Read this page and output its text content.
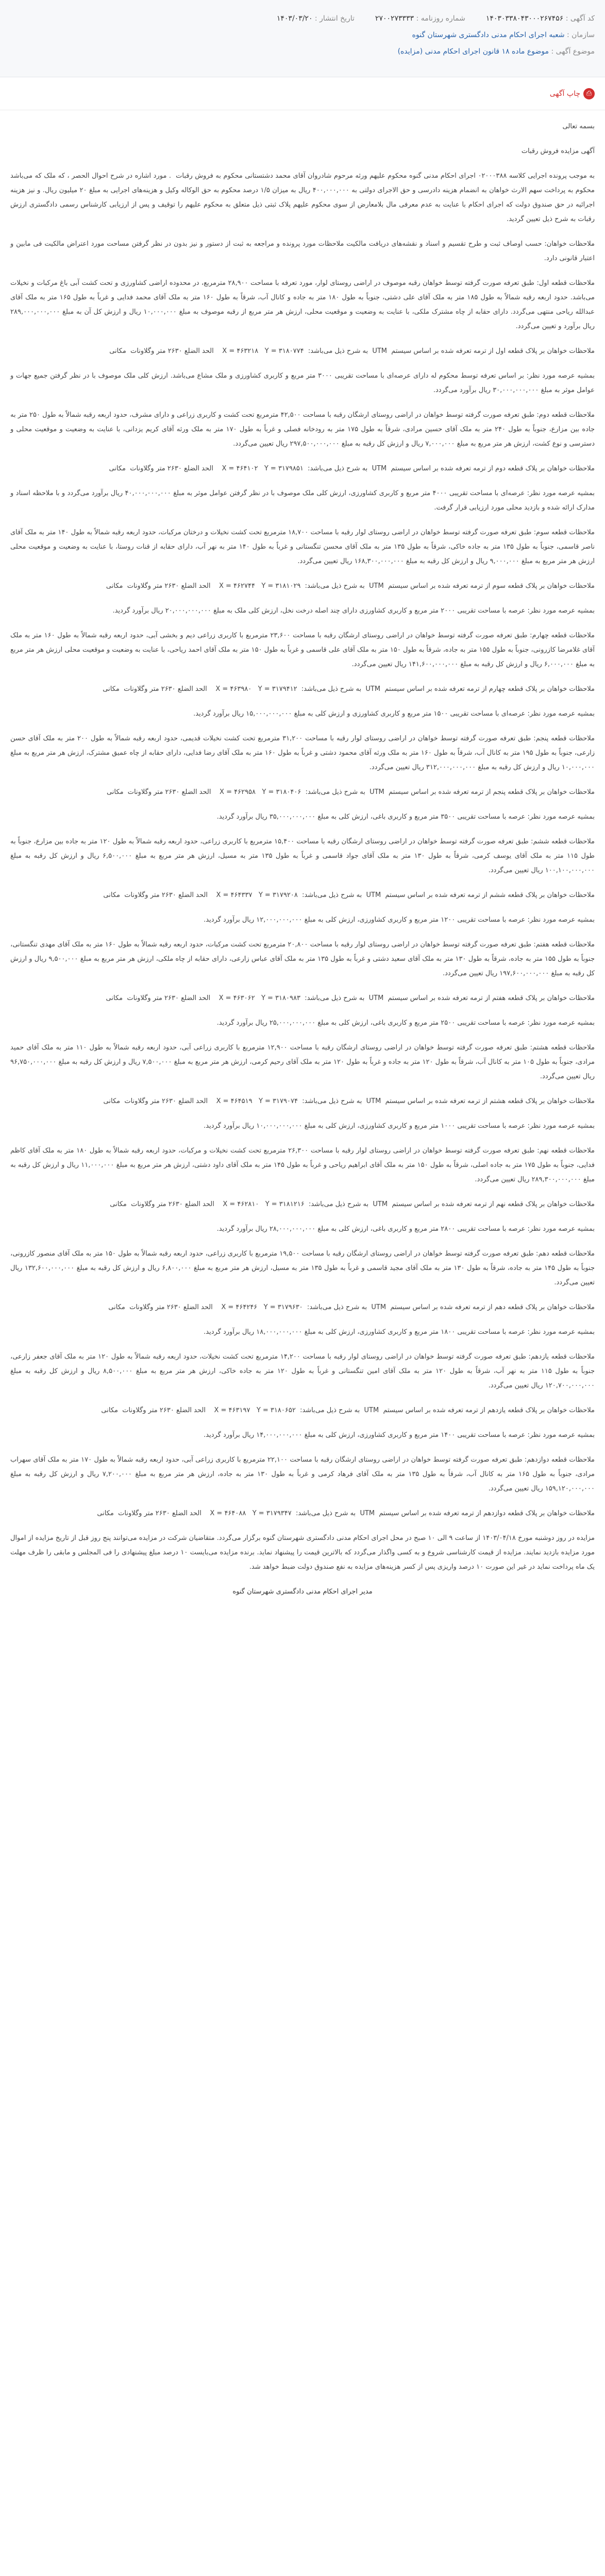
کد آگهی : ۱۴۰۳۰۳۳۸۰۴۳۰۰۰۲۶۷۴۵۶
شماره روزنامه : ۲۷۰۰۲۷۳۳۳۳
تاریخ انتشار : ۱۴۰۳/۰۳/۲۰
سازمان : شعبه اجرای احکام مدنی دادگستری شهرستان گنوه
موضوع آگهی : موضوع ماده ۱۸ قانون اجرای احکام مدنی (مزایده)
⎙
چاپ آگهی

بسمه تعالی

آگهی مزایده فروش رقبات

به موجب پرونده اجرایی کلاسه ۰۲۰۰۰۳۸۸ اجرای احکام مدنی گنوه محکوم علیهم ورثه مرحوم شادروان آقای محمد دشتستانی محکوم به فروش رقبات  . مورد اشاره در شرح احوال الحصر ، که ملک که می‌باشد محکوم به پرداخت سهم الارث خواهان به انضمام هزینه دادرسی و حق الاجرای دولتی به ۴۰۰,۰۰۰,۰۰۰ ریال به میزان ۱/۵ درصد محکوم به حق الوکاله وکیل و هزینه‌های اجرایی به مبلغ ۲۰ میلیون ریال. و نیز هزینه اجرائیه در حق صندوق دولت که اجرای احکام با عنایت به عدم معرفی مال بلامعارض از سوی محکوم علیهم پلاک ثبتی ذیل متعلق به محکوم علیهم را توقیف و پس از ارزیابی کارشناس رسمی دادگستری ارزش رقبات به شرح ذیل تعیین گردید.

ملاحظات خواهان: حسب اوصاف ثبت و طرح تقسیم و اسناد و نقشه‌های دریافت مالکیت ملاحظات مورد پرونده و مراجعه به ثبت از دستور و نیز بدون در نظر گرفتن مساحت مورد اعتراض مالکیت فی مابین و اعتبار قانونی دارد.

ملاحظات قطعه اول: طبق تعرفه صورت گرفته توسط خواهان رقبه موصوف در اراضی روستای لوار، مورد تعرفه با مساحت ۲۸,۹۰۰ مترمربع، در محدوده اراضی کشاورزی و تحت کشت آبی باغ مرکبات و نخیلات می‌باشد. حدود اربعه رقبه شمالاً به طول ۱۸۵ متر به ملک آقای علی دشتی، جنوباً به طول ۱۸۰ متر به جاده و کانال آب، شرقاً به طول ۱۶۰ متر به ملک آقای محمد فدایی و غرباً به طول ۱۶۵ متر به ملک آقای عبدالله ریاحی منتهی می‌گردد. دارای حقابه از چاه مشترک ملکی، با عنایت به وضعیت و موقعیت محلی، ارزش هر متر مربع از رقبه موصوف به مبلغ ۱۰,۰۰۰,۰۰۰ ریال و ارزش کل آن به مبلغ ۲۸۹,۰۰۰,۰۰۰,۰۰۰ ریال برآورد و تعیین می‌گردد.

ملاحظات خواهان بر پلاک قطعه اول از ترمه تعرفه شده بر اساس سیستم  UTM  به شرح ذیل می‌باشد:  X = ۴۶۳۲۱۸   Y = ۳۱۸۰۷۷۴    الحد الضلع ۲۶۳۰ متر وگلاونات  مکانی

بمشیه عرصه مورد نظر: بر اساس تعرفه توسط محکوم له دارای عرصه‌ای با مساحت تقریبی ۳۰۰۰ متر مربع و کاربری کشاورزی و ملک مشاع می‌باشد. ارزش کلی ملک موصوف با در نظر گرفتن جمیع جهات و عوامل موثر به مبلغ ۳۰,۰۰۰,۰۰۰,۰۰۰ ریال برآورد می‌گردد.

ملاحظات قطعه دوم: طبق تعرفه صورت گرفته توسط خواهان در اراضی روستای ارشگان رقبه با مساحت ۴۲,۵۰۰ مترمربع تحت کشت و کاربری زراعی و دارای مشرف، حدود اربعه رقبه شمالاً به طول ۲۵۰ متر به جاده بین مزارع، جنوباً به طول ۲۴۰ متر به ملک آقای حسین مرادی، شرقاً به طول ۱۷۵ متر به رودخانه فصلی و غرباً به طول ۱۷۰ متر به ملک ورثه آقای کریم یزدانی، با عنایت به وضعیت و موقعیت محلی و دسترسی و نوع کشت، ارزش هر متر مربع به مبلغ ۷,۰۰۰,۰۰۰ ریال و ارزش کل رقبه به مبلغ ۲۹۷,۵۰۰,۰۰۰,۰۰۰ ریال تعیین می‌گردد.

ملاحظات خواهان بر پلاک قطعه دوم از ترمه تعرفه شده بر اساس سیستم  UTM  به شرح ذیل می‌باشد:  X = ۴۶۴۱۰۲   Y = ۳۱۷۹۸۵۱    الحد الضلع ۲۶۳۰ متر وگلاونات  مکانی

بمشیه عرصه مورد نظر: عرصه‌ای با مساحت تقریبی ۴۰۰۰ متر مربع و کاربری کشاورزی، ارزش کلی ملک موصوف با در نظر گرفتن عوامل موثر به مبلغ ۴۰,۰۰۰,۰۰۰,۰۰۰ ریال برآورد می‌گردد و با ملاحظه اسناد و مدارک ارائه شده و بازدید محلی مورد ارزیابی قرار گرفت.

ملاحظات قطعه سوم: طبق تعرفه صورت گرفته توسط خواهان در اراضی روستای لوار رقبه با مساحت ۱۸,۷۰۰ مترمربع تحت کشت نخیلات و درختان مرکبات، حدود اربعه رقبه شمالاً به طول ۱۴۰ متر به ملک آقای ناصر قاسمی، جنوباً به طول ۱۳۵ متر به جاده خاکی، شرقاً به طول ۱۳۵ متر به ملک آقای محسن تنگستانی و غرباً به طول ۱۴۰ متر به نهر آب، دارای حقابه از قنات روستا، با عنایت به وضعیت و موقعیت محلی ارزش هر متر مربع به مبلغ ۹,۰۰۰,۰۰۰ ریال و ارزش کل رقبه به مبلغ ۱۶۸,۳۰۰,۰۰۰,۰۰۰ ریال تعیین می‌گردد.

ملاحظات خواهان بر پلاک قطعه سوم از ترمه تعرفه شده بر اساس سیستم  UTM  به شرح ذیل می‌باشد:  X = ۴۶۲۷۴۴   Y = ۳۱۸۱۰۲۹    الحد الضلع ۲۶۳۰ متر وگلاونات  مکانی

بمشیه عرصه مورد نظر: عرصه با مساحت تقریبی ۲۰۰۰ متر مربع و کاربری کشاورزی دارای چند اصله درخت نخل، ارزش کلی ملک به مبلغ ۲۰,۰۰۰,۰۰۰,۰۰۰ ریال برآورد گردید.

ملاحظات قطعه چهارم: طبق تعرفه صورت گرفته توسط خواهان در اراضی روستای ارشگان رقبه با مساحت ۲۳,۶۰۰ مترمربع با کاربری زراعی دیم و بخشی آبی، حدود اربعه رقبه شمالاً به طول ۱۶۰ متر به ملک آقای غلامرضا کازرونی، جنوباً به طول ۱۵۵ متر به جاده، شرقاً به طول ۱۵۰ متر به ملک آقای علی قاسمی و غرباً به طول ۱۵۰ متر به ملک آقای احمد ریاحی، با عنایت به وضعیت و موقعیت محلی ارزش هر متر مربع به مبلغ ۶,۰۰۰,۰۰۰ ریال و ارزش کل رقبه به مبلغ ۱۴۱,۶۰۰,۰۰۰,۰۰۰ ریال تعیین می‌گردد.

ملاحظات خواهان بر پلاک قطعه چهارم از ترمه تعرفه شده بر اساس سیستم  UTM  به شرح ذیل می‌باشد:  X = ۴۶۳۹۸۰   Y = ۳۱۷۹۴۱۲    الحد الضلع ۲۶۳۰ متر وگلاونات  مکانی

بمشیه عرصه مورد نظر: عرصه‌ای با مساحت تقریبی ۱۵۰۰ متر مربع و کاربری کشاورزی و ارزش کلی به مبلغ ۱۵,۰۰۰,۰۰۰,۰۰۰ ریال برآورد گردید.

ملاحظات قطعه پنجم: طبق تعرفه صورت گرفته توسط خواهان در اراضی روستای لوار رقبه با مساحت ۳۱,۲۰۰ مترمربع تحت کشت نخیلات قدیمی، حدود اربعه رقبه شمالاً به طول ۲۰۰ متر به ملک آقای حسن زارعی، جنوباً به طول ۱۹۵ متر به کانال آب، شرقاً به طول ۱۶۰ متر به ملک ورثه آقای محمود دشتی و غرباً به طول ۱۶۰ متر به ملک آقای رضا فدایی، دارای حقابه از چاه عمیق مشترک، ارزش هر متر مربع به مبلغ ۱۰,۰۰۰,۰۰۰ ریال و ارزش کل رقبه به مبلغ ۳۱۲,۰۰۰,۰۰۰,۰۰۰ ریال تعیین می‌گردد.

ملاحظات خواهان بر پلاک قطعه پنجم از ترمه تعرفه شده بر اساس سیستم  UTM  به شرح ذیل می‌باشد:  X = ۴۶۲۹۵۸   Y = ۳۱۸۰۴۰۶    الحد الضلع ۲۶۳۰ متر وگلاونات  مکانی

بمشیه عرصه مورد نظر: عرصه با مساحت تقریبی ۳۵۰۰ متر مربع و کاربری باغی، ارزش کلی به مبلغ ۳۵,۰۰۰,۰۰۰,۰۰۰ ریال برآورد گردید.

ملاحظات قطعه ششم: طبق تعرفه صورت گرفته توسط خواهان در اراضی روستای ارشگان رقبه با مساحت ۱۵,۴۰۰ مترمربع با کاربری زراعی، حدود اربعه رقبه شمالاً به طول ۱۲۰ متر به جاده بین مزارع، جنوباً به طول ۱۱۵ متر به ملک آقای یوسف کرمی، شرقاً به طول ۱۳۰ متر به ملک آقای جواد قاسمی و غرباً به طول ۱۳۵ متر به مسیل، ارزش هر متر مربع به مبلغ ۶,۵۰۰,۰۰۰ ریال و ارزش کل رقبه به مبلغ ۱۰۰,۱۰۰,۰۰۰,۰۰۰ ریال تعیین می‌گردد.

ملاحظات خواهان بر پلاک قطعه ششم از ترمه تعرفه شده بر اساس سیستم  UTM  به شرح ذیل می‌باشد:  X = ۴۶۴۳۳۷   Y = ۳۱۷۹۲۰۸    الحد الضلع ۲۶۳۰ متر وگلاونات  مکانی

بمشیه عرصه مورد نظر: عرصه با مساحت تقریبی ۱۲۰۰ متر مربع و کاربری کشاورزی، ارزش کلی به مبلغ ۱۲,۰۰۰,۰۰۰,۰۰۰ ریال برآورد گردید.

ملاحظات قطعه هفتم: طبق تعرفه صورت گرفته توسط خواهان در اراضی روستای لوار رقبه با مساحت ۲۰,۸۰۰ مترمربع تحت کشت مرکبات، حدود اربعه رقبه شمالاً به طول ۱۶۰ متر به ملک آقای مهدی تنگستانی، جنوباً به طول ۱۵۵ متر به جاده، شرقاً به طول ۱۳۰ متر به ملک آقای سعید دشتی و غرباً به طول ۱۳۵ متر به ملک آقای عباس زارعی، دارای حقابه از چاه ملکی، ارزش هر متر مربع به مبلغ ۹,۵۰۰,۰۰۰ ریال و ارزش کل رقبه به مبلغ ۱۹۷,۶۰۰,۰۰۰,۰۰۰ ریال تعیین می‌گردد.

ملاحظات خواهان بر پلاک قطعه هفتم از ترمه تعرفه شده بر اساس سیستم  UTM  به شرح ذیل می‌باشد:  X = ۴۶۳۰۶۲   Y = ۳۱۸۰۹۸۳    الحد الضلع ۲۶۳۰ متر وگلاونات  مکانی

بمشیه عرصه مورد نظر: عرصه با مساحت تقریبی ۲۵۰۰ متر مربع و کاربری باغی، ارزش کلی به مبلغ ۲۵,۰۰۰,۰۰۰,۰۰۰ ریال برآورد گردید.

ملاحظات قطعه هشتم: طبق تعرفه صورت گرفته توسط خواهان در اراضی روستای ارشگان رقبه با مساحت ۱۲,۹۰۰ مترمربع با کاربری زراعی آبی، حدود اربعه رقبه شمالاً به طول ۱۱۰ متر به ملک آقای حمید مرادی، جنوباً به طول ۱۰۵ متر به کانال آب، شرقاً به طول ۱۲۰ متر به جاده و غرباً به طول ۱۲۰ متر به ملک آقای رحیم کرمی، ارزش هر متر مربع به مبلغ ۷,۵۰۰,۰۰۰ ریال و ارزش کل رقبه به مبلغ ۹۶,۷۵۰,۰۰۰,۰۰۰ ریال تعیین می‌گردد.

ملاحظات خواهان بر پلاک قطعه هشتم از ترمه تعرفه شده بر اساس سیستم  UTM  به شرح ذیل می‌باشد:  X = ۴۶۴۵۱۹   Y = ۳۱۷۹۰۷۴    الحد الضلع ۲۶۳۰ متر وگلاونات  مکانی

بمشیه عرصه مورد نظر: عرصه با مساحت تقریبی ۱۰۰۰ متر مربع و کاربری کشاورزی، ارزش کلی به مبلغ ۱۰,۰۰۰,۰۰۰,۰۰۰ ریال برآورد گردید.

ملاحظات قطعه نهم: طبق تعرفه صورت گرفته توسط خواهان در اراضی روستای لوار رقبه با مساحت ۲۶,۳۰۰ مترمربع تحت کشت نخیلات و مرکبات، حدود اربعه رقبه شمالاً به طول ۱۸۰ متر به ملک آقای کاظم فدایی، جنوباً به طول ۱۷۵ متر به جاده اصلی، شرقاً به طول ۱۵۰ متر به ملک آقای ابراهیم ریاحی و غرباً به طول ۱۴۵ متر به ملک آقای داود دشتی، ارزش هر متر مربع به مبلغ ۱۱,۰۰۰,۰۰۰ ریال و ارزش کل رقبه به مبلغ ۲۸۹,۳۰۰,۰۰۰,۰۰۰ ریال تعیین می‌گردد.

ملاحظات خواهان بر پلاک قطعه نهم از ترمه تعرفه شده بر اساس سیستم  UTM  به شرح ذیل می‌باشد:  X = ۴۶۲۸۱۰   Y = ۳۱۸۱۲۱۶    الحد الضلع ۲۶۳۰ متر وگلاونات  مکانی

بمشیه عرصه مورد نظر: عرصه با مساحت تقریبی ۲۸۰۰ متر مربع و کاربری باغی، ارزش کلی به مبلغ ۲۸,۰۰۰,۰۰۰,۰۰۰ ریال برآورد گردید.

ملاحظات قطعه دهم: طبق تعرفه صورت گرفته توسط خواهان در اراضی روستای ارشگان رقبه با مساحت ۱۹,۵۰۰ مترمربع با کاربری زراعی، حدود اربعه رقبه شمالاً به طول ۱۵۰ متر به ملک آقای منصور کازرونی، جنوباً به طول ۱۴۵ متر به جاده، شرقاً به طول ۱۳۰ متر به ملک آقای مجید قاسمی و غرباً به طول ۱۳۵ متر به مسیل، ارزش هر متر مربع به مبلغ ۶,۸۰۰,۰۰۰ ریال و ارزش کل رقبه به مبلغ ۱۳۲,۶۰۰,۰۰۰,۰۰۰ ریال تعیین می‌گردد.

ملاحظات خواهان بر پلاک قطعه دهم از ترمه تعرفه شده بر اساس سیستم  UTM  به شرح ذیل می‌باشد:  X = ۴۶۴۲۴۶   Y = ۳۱۷۹۶۳۰    الحد الضلع ۲۶۳۰ متر وگلاونات  مکانی

بمشیه عرصه مورد نظر: عرصه با مساحت تقریبی ۱۸۰۰ متر مربع و کاربری کشاورزی، ارزش کلی به مبلغ ۱۸,۰۰۰,۰۰۰,۰۰۰ ریال برآورد گردید.

ملاحظات قطعه یازدهم: طبق تعرفه صورت گرفته توسط خواهان در اراضی روستای لوار رقبه با مساحت ۱۴,۲۰۰ مترمربع تحت کشت نخیلات، حدود اربعه رقبه شمالاً به طول ۱۲۰ متر به ملک آقای جعفر زارعی، جنوباً به طول ۱۱۵ متر به نهر آب، شرقاً به طول ۱۲۰ متر به ملک آقای امین تنگستانی و غرباً به طول ۱۲۰ متر به جاده خاکی، ارزش هر متر مربع به مبلغ ۸,۵۰۰,۰۰۰ ریال و ارزش کل رقبه به مبلغ ۱۲۰,۷۰۰,۰۰۰,۰۰۰ ریال تعیین می‌گردد.

ملاحظات خواهان بر پلاک قطعه یازدهم از ترمه تعرفه شده بر اساس سیستم  UTM  به شرح ذیل می‌باشد:  X = ۴۶۳۱۹۷   Y = ۳۱۸۰۶۵۲    الحد الضلع ۲۶۳۰ متر وگلاونات  مکانی

بمشیه عرصه مورد نظر: عرصه با مساحت تقریبی ۱۴۰۰ متر مربع و کاربری کشاورزی، ارزش کلی به مبلغ ۱۴,۰۰۰,۰۰۰,۰۰۰ ریال برآورد گردید.

ملاحظات قطعه دوازدهم: طبق تعرفه صورت گرفته توسط خواهان در اراضی روستای ارشگان رقبه با مساحت ۲۲,۱۰۰ مترمربع با کاربری زراعی آبی، حدود اربعه رقبه شمالاً به طول ۱۷۰ متر به ملک آقای سهراب مرادی، جنوباً به طول ۱۶۵ متر به کانال آب، شرقاً به طول ۱۳۵ متر به ملک آقای فرهاد کرمی و غرباً به طول ۱۳۰ متر به جاده، ارزش هر متر مربع به مبلغ ۷,۲۰۰,۰۰۰ ریال و ارزش کل رقبه به مبلغ ۱۵۹,۱۲۰,۰۰۰,۰۰۰ ریال تعیین می‌گردد.

ملاحظات خواهان بر پلاک قطعه دوازدهم از ترمه تعرفه شده بر اساس سیستم  UTM  به شرح ذیل می‌باشد:  X = ۴۶۴۰۸۸   Y = ۳۱۷۹۳۴۷    الحد الضلع ۲۶۳۰ متر وگلاونات  مکانی

مزایده در روز دوشنبه مورخ ۱۴۰۳/۰۴/۱۸ از ساعت ۹ الی ۱۰ صبح در محل اجرای احکام مدنی دادگستری شهرستان گنوه برگزار می‌گردد. متقاضیان شرکت در مزایده می‌توانند پنج روز قبل از تاریخ مزایده از اموال مورد مزایده بازدید نمایند. مزایده از قیمت کارشناسی شروع و به کسی واگذار می‌گردد که بالاترین قیمت را پیشنهاد نماید. برنده مزایده می‌بایست ۱۰ درصد مبلغ پیشنهادی را فی المجلس و مابقی را ظرف مهلت یک ماه پرداخت نماید در غیر این صورت ۱۰ درصد واریزی پس از کسر هزینه‌های مزایده به نفع صندوق دولت ضبط خواهد شد.

مدیر اجرای احکام مدنی دادگستری شهرستان گنوه
